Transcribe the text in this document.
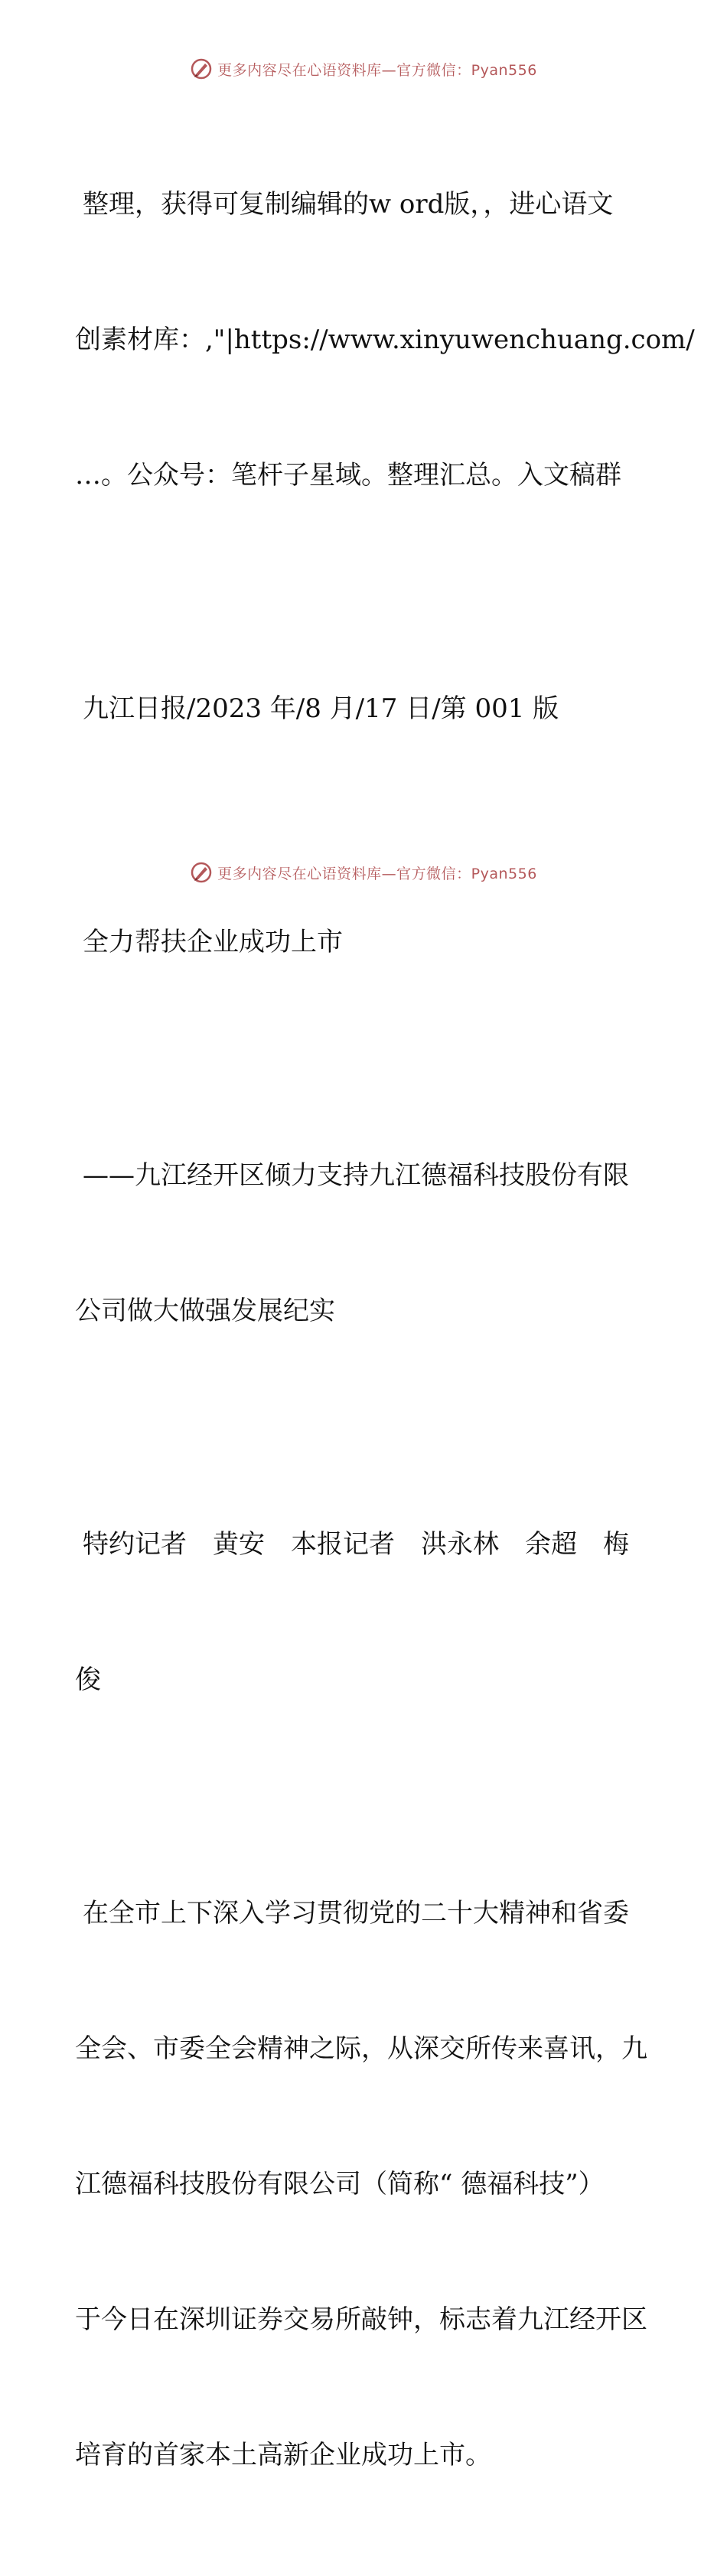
更多内容尽在心语资料库—官方微信：Pyan556

整理，获得可复制编辑的w ord版，，进心语文

创素材库：,"|https://www.xinyuwenchuang.com/

…。公众号：笔杆子星域。整理汇总。入文稿群

九江日报/2023 年/8 月/17 日/第 001 版

全力帮扶企业成功上市

——九江经开区倾力支持九江德福科技股份有限

公司做大做强发展纪实

特约记者　黄安　本报记者　洪永林　余超　梅

俊

在全市上下深入学习贯彻党的二十大精神和省委

全会、市委全会精神之际，从深交所传来喜讯，九

江德福科技股份有限公司（简称“ 德福科技”）

于今日在深圳证券交易所敲钟，标志着九江经开区

培育的首家本土高新企业成功上市。

更多内容尽在心语资料库—官方微信：Pyan556
